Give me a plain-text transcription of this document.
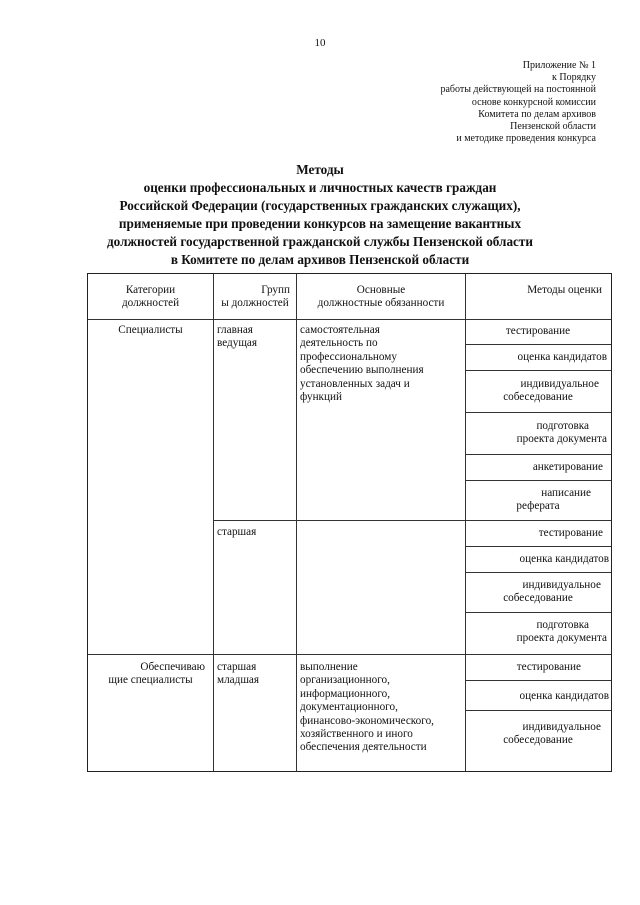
10
Приложение № 1
к Порядку
работы действующей на постоянной
основе конкурсной комиссии
Комитета по делам архивов
Пензенской области
и методике проведения конкурса
Методы
оценки профессиональных и личностных качеств граждан
Российской Федерации (государственных гражданских служащих),
применяемые при проведении конкурсов на замещение вакантных
должностей государственной гражданской службы Пензенской области
в Комитете по делам архивов Пензенской области
Категории
должностей
Групп
ы должностей
Основные
должностные обязанности
Методы оценки
Специалисты	главная
ведущая
самостоятельная
деятельность по
профессиональному
обеспечению выполнения
установленных задач и
функций
тестирование
оценка кандидатов
индивидуальное
собеседование
подготовка
проекта документа
анкетирование
написание
реферата
старшая	тестирование
оценка кандидатов
индивидуальное
собеседование
подготовка
проекта документа
Обеспечиваю
щие специалисты
старшая
младшая
выполнение
организационного,
информационного,
документационного,
финансово-экономического,
хозяйственного и иного
обеспечения деятельности
тестирование
оценка кандидатов
индивидуальное
собеседование
